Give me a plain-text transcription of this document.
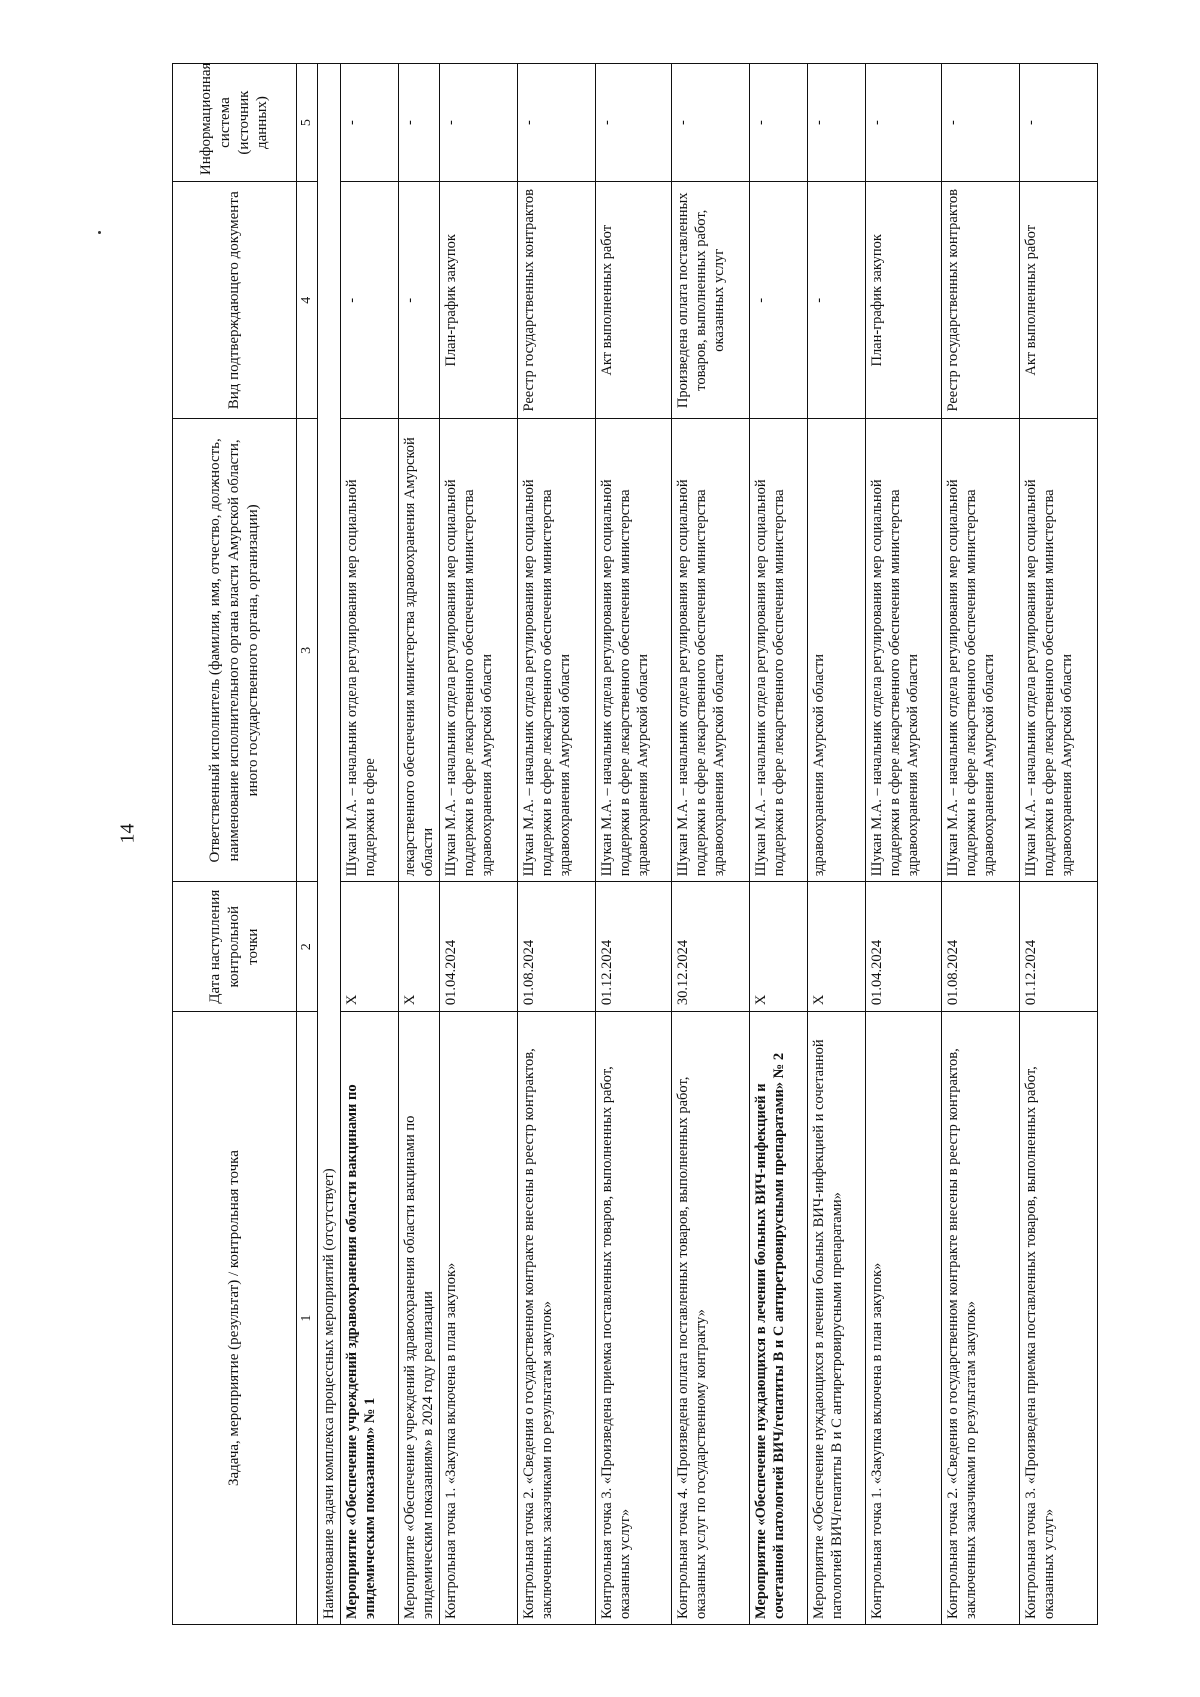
14
Задача, мероприятие (результат) / контрольная точка	Дата наступления контрольной точки	Ответственный исполнитель (фамилия, имя, отчество, должность, наименование исполнительного органа власти Амурской области, иного государственного органа, организации)	Вид подтверждающего документа	Информационная система (источник данных)
1	2	3	4	5
Наименование задачи комплекса процессных мероприятий (отсутствует)				
Мероприятие «Обеспечение учреждений здравоохранения области вакцинами по эпидемическим показаниям» № 1	X	Шукан М.А. – начальник отдела регулирования мер социальной поддержки в сфере	-	-
Мероприятие «Обеспечение учреждений здравоохранения области вакцинами по эпидемическим показаниям» в 2024 году реализации	X	лекарственного обеспечения министерства здравоохранения Амурской области	-	-
Контрольная точка 1. «Закупка включена в план закупок»	01.04.2024	Шукан М.А. – начальник отдела регулирования мер социальной поддержки в сфере лекарственного обеспечения министерства здравоохранения Амурской области	План-график закупок	-
Контрольная точка 2. «Сведения о государственном контракте внесены в реестр контрактов, заключенных заказчиками по результатам закупок»	01.08.2024	Шукан М.А. – начальник отдела регулирования мер социальной поддержки в сфере лекарственного обеспечения министерства здравоохранения Амурской области	Реестр государственных контрактов	-
Контрольная точка 3. «Произведена приемка поставленных товаров, выполненных работ, оказанных услуг»	01.12.2024	Шукан М.А. – начальник отдела регулирования мер социальной поддержки в сфере лекарственного обеспечения министерства здравоохранения Амурской области	Акт выполненных работ	-
Контрольная точка 4. «Произведена оплата поставленных товаров, выполненных работ, оказанных услуг по государственному контракту»	30.12.2024	Шукан М.А. – начальник отдела регулирования мер социальной поддержки в сфере лекарственного обеспечения министерства здравоохранения Амурской области	Произведена оплата поставленных товаров, выполненных работ, оказанных услуг	-
Мероприятие «Обеспечение нуждающихся в лечении больных ВИЧ-инфекцией и сочетанной патологией ВИЧ/гепатиты В и С антиретровирусными препаратами» № 2	X	Шукан М.А. – начальник отдела регулирования мер социальной поддержки в сфере лекарственного обеспечения министерства	-	-
Мероприятие «Обеспечение нуждающихся в лечении больных ВИЧ-инфекцией и сочетанной патологией ВИЧ/гепатиты В и С антиретровирусными препаратами»	X	здравоохранения Амурской области	-	-
Контрольная точка 1. «Закупка включена в план закупок»	01.04.2024	Шукан М.А. – начальник отдела регулирования мер социальной поддержки в сфере лекарственного обеспечения министерства здравоохранения Амурской области	План-график закупок	-
Контрольная точка 2. «Сведения о государственном контракте внесены в реестр контрактов, заключенных заказчиками по результатам закупок»	01.08.2024	Шукан М.А. – начальник отдела регулирования мер социальной поддержки в сфере лекарственного обеспечения министерства здравоохранения Амурской области	Реестр государственных контрактов	-
Контрольная точка 3. «Произведена приемка поставленных товаров, выполненных работ, оказанных услуг»	01.12.2024	Шукан М.А. – начальник отдела регулирования мер социальной поддержки в сфере лекарственного обеспечения министерства здравоохранения Амурской области	Акт выполненных работ	-
